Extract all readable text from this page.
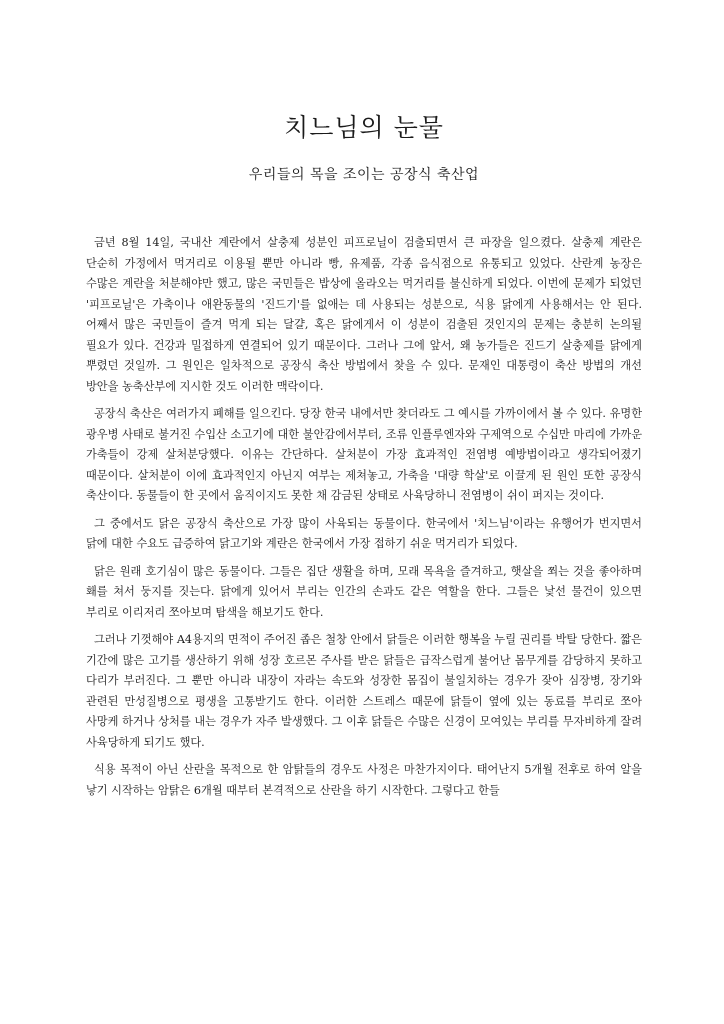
치느님의 눈물
우리들의 목을 조이는 공장식 축산업

금년 8월 14일, 국내산 계란에서 살충제 성분인 피프로닐이 검출되면서 큰 파장을 일으켰다. 살충제 계란은 단순히 가정에서 먹거리로 이용될 뿐만 아니라 빵, 유제품, 각종 음식점으로 유통되고 있었다. 산란계 농장은 수많은 계란을 처분해야만 했고, 많은 국민들은 밥상에 올라오는 먹거리를 불신하게 되었다. 이번에 문제가 되었던 '피프로닐'은 가축이나 애완동물의 '진드기'를 없애는 데 사용되는 성분으로, 식용 닭에게 사용해서는 안 된다. 어째서 많은 국민들이 즐겨 먹게 되는 달걀, 혹은 닭에게서 이 성분이 검출된 것인지의 문제는 충분히 논의될 필요가 있다. 건강과 밀접하게 연결되어 있기 때문이다. 그러나 그에 앞서, 왜 농가들은 진드기 살충제를 닭에게 뿌렸던 것일까. 그 원인은 일차적으로 공장식 축산 방법에서 찾을 수 있다. 문재인 대통령이 축산 방법의 개선 방안을 농축산부에 지시한 것도 이러한 맥락이다.

공장식 축산은 여러가지 폐해를 일으킨다. 당장 한국 내에서만 찾더라도 그 예시를 가까이에서 볼 수 있다. 유명한 광우병 사태로 불거진 수입산 소고기에 대한 불안감에서부터, 조류 인플루엔자와 구제역으로 수십만 마리에 가까운 가축들이 강제 살처분당했다. 이유는 간단하다. 살처분이 가장 효과적인 전염병 예방법이라고 생각되어졌기 때문이다. 살처분이 이에 효과적인지 아닌지 여부는 제쳐놓고, 가축을 '대량 학살'로 이끌게 된 원인 또한 공장식 축산이다. 동물들이 한 곳에서 움직이지도 못한 채 감금된 상태로 사육당하니 전염병이 쉬이 퍼지는 것이다.

그 중에서도 닭은 공장식 축산으로 가장 많이 사육되는 동물이다. 한국에서 '치느님'이라는 유행어가 번지면서 닭에 대한 수요도 급증하여 닭고기와 계란은 한국에서 가장 접하기 쉬운 먹거리가 되었다.

닭은 원래 호기심이 많은 동물이다. 그들은 집단 생활을 하며, 모래 목욕을 즐겨하고, 햇살을 쬐는 것을 좋아하며 홰를 쳐서 둥지를 짓는다. 닭에게 있어서 부리는 인간의 손과도 같은 역할을 한다. 그들은 낯선 물건이 있으면 부리로 이리저리 쪼아보며 탐색을 해보기도 한다.

그러나 기껏해야 A4용지의 면적이 주어진 좁은 철창 안에서 닭들은 이러한 행복을 누릴 권리를 박탈 당한다. 짧은 기간에 많은 고기를 생산하기 위해 성장 호르몬 주사를 받은 닭들은 급작스럽게 불어난 몸무게를 감당하지 못하고 다리가 부러진다. 그 뿐만 아니라 내장이 자라는 속도와 성장한 몸집이 불일치하는 경우가 잦아 심장병, 장기와 관련된 만성질병으로 평생을 고통받기도 한다. 이러한 스트레스 때문에 닭들이 옆에 있는 동료를 부리로 쪼아 사망케 하거나 상처를 내는 경우가 자주 발생했다. 그 이후 닭들은 수많은 신경이 모여있는 부리를 무자비하게 잘려 사육당하게 되기도 했다.

식용 목적이 아닌 산란을 목적으로 한 암탉들의 경우도 사정은 마찬가지이다. 태어난지 5개월 전후로 하여 알을 낳기 시작하는 암탉은 6개월 때부터 본격적으로 산란을 하기 시작한다. 그렇다고 한들
